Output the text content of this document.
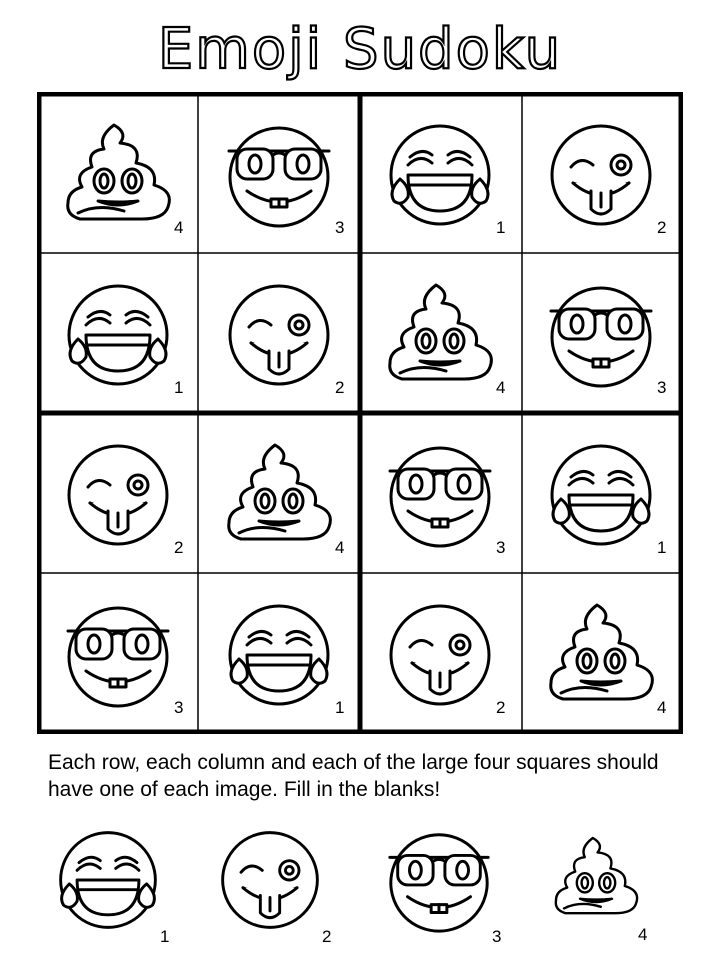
Emoji Sudoku
4	3	1	2
1	2	4	3
2	4	3	1
3	1	2	4

Each row, each column and each of the large four squares should have one of each image. Fill in the blanks!

1	2	3	4
